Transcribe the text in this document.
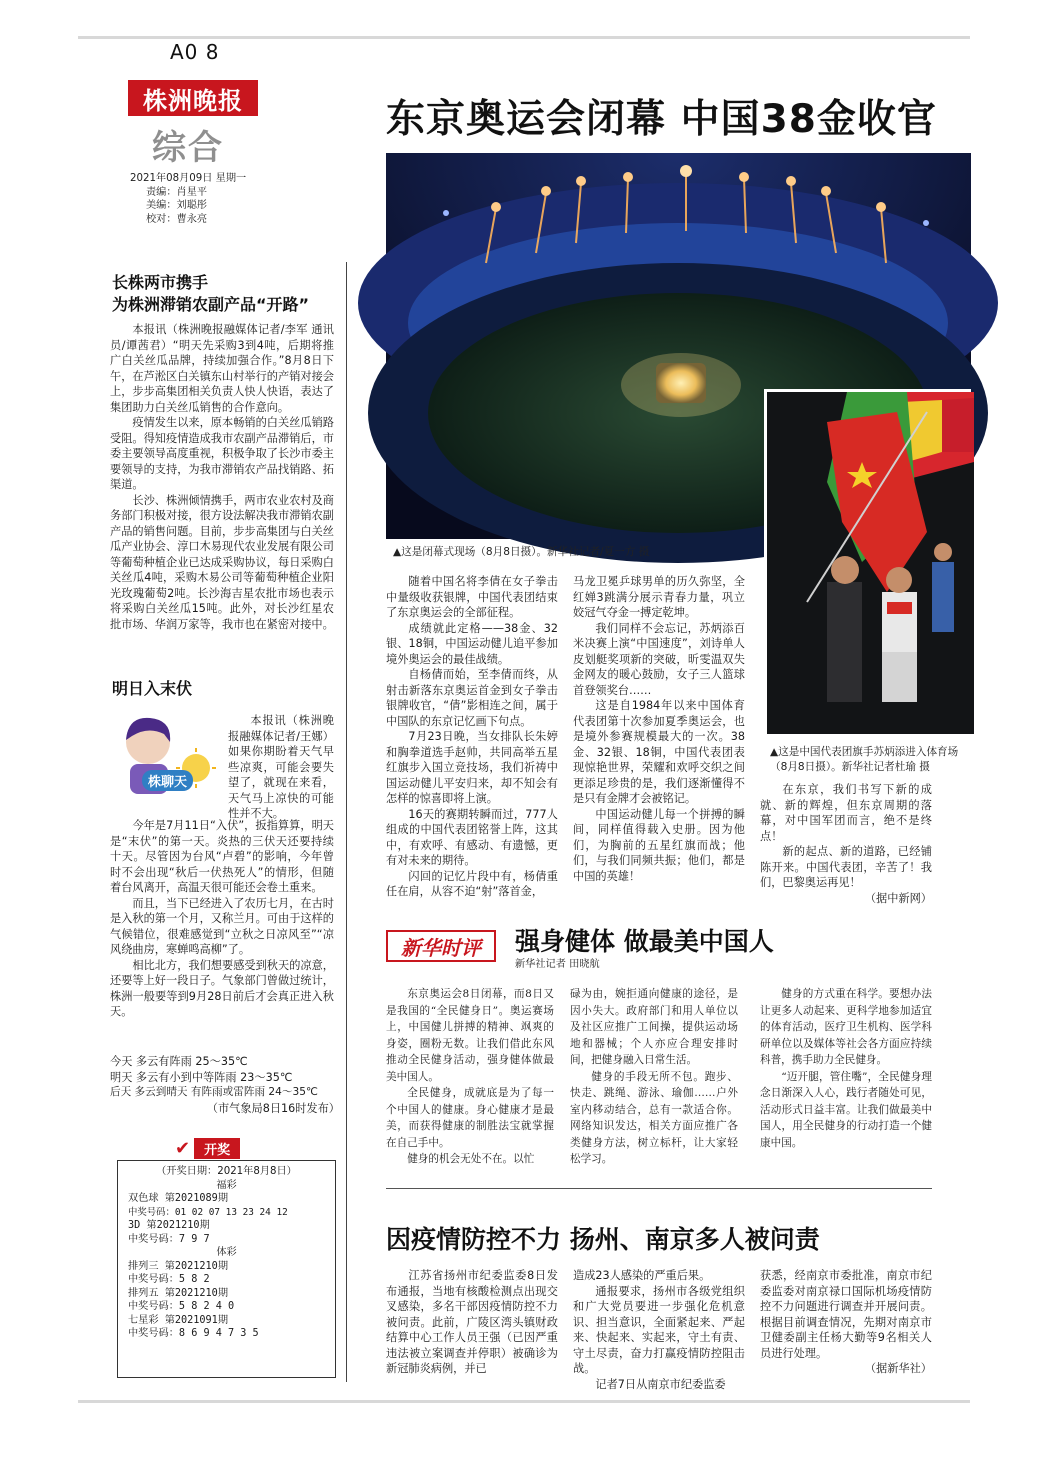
A0 8
株洲晚报
综合
2021年08月09日 星期一
责编：肖星平
美编：刘聪彤
校对：曹永亮
东京奥运会闭幕 中国38金收官
▲这是闭幕式现场（8月8日摄）。新华社记者/夏一方 摄
▲这是中国代表团旗手苏炳添进入体育场（8月8日摄）。新华社记者杜瑜 摄

随着中国名将李倩在女子拳击中量级收获银牌，中国代表团结束了东京奥运会的全部征程。

成绩就此定格——38金、32银、18铜，中国运动健儿追平参加境外奥运会的最佳战绩。

自杨倩而始，至李倩而终，从射击新落东京奥运首金到女子拳击银牌收官，“倩”影相连之间，属于中国队的东京记忆画下句点。

7月23日晚，当女排队长朱婷和胸拳道选手赵帅，共同高举五星红旗步入国立竞技场，我们祈祷中国运动健儿平安归来，却不知会有怎样的惊喜即将上演。

16天的赛期转瞬而过，777人组成的中国代表团铭誉上阵，这其中，有欢呼、有感动、有遗憾，更有对未来的期待。

闪回的记忆片段中有，杨倩重任在肩，从容不迫“射”落首金，

马龙卫冕乒球男单的历久弥坚，全红婵3跳满分展示青春力量，巩立姣冠气夺金一搏定乾坤。

我们同样不会忘记，苏炳添百米决赛上演“中国速度”，刘诗单人皮划艇奖项新的突破，昕雯温双失金网友的暖心鼓励，女子三人篮球首登领奖台……

这是自1984年以来中国体育代表团第十次参加夏季奥运会，也是境外参赛规模最大的一次。38金、32银、18铜，中国代表团表现惊艳世界，荣耀和欢呼交织之间更添足珍贵的是，我们逐渐懂得不是只有金牌才会被铭记。

中国运动健儿每一个拼搏的瞬间，同样值得载入史册。因为他们，为胸前的五星红旗而战；他们，与我们同频共振；他们，都是中国的英雄！

在东京，我们书写下新的成就、新的辉煌，但东京周期的落幕，对中国军团而言，绝不是终点！

新的起点、新的道路，已经铺陈开来。中国代表团，辛苦了！我们，巴黎奥运再见！

（据中新网）
新华时评 强身健体 做最美中国人
新华社记者 田晓航

东京奥运会8日闭幕，而8日又是我国的“全民健身日”。奥运赛场上，中国健儿拼搏的精神、飒爽的身姿，圈粉无数。让我们借此东风推动全民健身活动，强身健体做最美中国人。

全民健身，成就底是为了每一个中国人的健康。身心健康才是最美，而获得健康的制胜法宝就掌握在自己手中。

健身的机会无处不在。以忙

碌为由，婉拒通向健康的途径，是因小失大。政府部门和用人单位以及社区应推广工间操，提供运动场地和器械；个人亦应合理安排时间，把健身融入日常生活。

健身的手段无所不包。跑步、快走、跳绳、游泳、瑜伽……户外室内移动结合，总有一款适合你。网络知识发达，相关方面应推广各类健身方法，树立标杆，让大家轻松学习。

健身的方式重在科学。要想办法让更多人动起来、更科学地参加适宜的体育活动，医疗卫生机构、医学科研单位以及媒体等社会各方面应持续科普，携手助力全民健身。

“迈开腿，管住嘴”，全民健身理念日渐深入人心，践行者随处可见，活动形式日益丰富。让我们做最美中国人，用全民健身的行动打造一个健康中国。

因疫情防控不力 扬州、南京多人被问责

江苏省扬州市纪委监委8日发布通报，当地有核酸检测点出现交叉感染，多名干部因疫情防控不力被问责。此前，广陵区湾头镇财政结算中心工作人员王强（已因严重违法被立案调查并停职）被确诊为新冠肺炎病例，并已

造成23人感染的严重后果。

通报要求，扬州市各级党组织和广大党员要进一步强化危机意识、担当意识，全面紧起来、严起来、快起来、实起来，守土有责、守土尽责，奋力打赢疫情防控阻击战。

记者7日从南京市纪委监委

获悉，经南京市委批准，南京市纪委监委对南京禄口国际机场疫情防控不力问题进行调查并开展问责。根据目前调查情况，先期对南京市卫健委副主任杨大勤等9名相关人员进行处理。

（据新华社）
长株两市携手
为株洲滞销农副产品“开路”

本报讯（株洲晚报融媒体记者/李军 通讯员/谭茜君）“明天先采购3到4吨，后期将推广白关丝瓜品牌，持续加强合作。”8月8日下午，在芦淞区白关镇东山村举行的产销对接会上，步步高集团相关负责人快人快语，表达了集团助力白关丝瓜销售的合作意向。

疫情发生以来，原本畅销的白关丝瓜销路受阻。得知疫情造成我市农副产品滞销后，市委主要领导高度重视，积极争取了长沙市委主要领导的支持，为我市滞销农产品找销路、拓渠道。

长沙、株洲倾情携手，两市农业农村及商务部门积极对接，很方设法解决我市滞销农副产品的销售问题。目前，步步高集团与白关丝瓜产业协会、淳口木易现代农业发展有限公司等葡萄种植企业已达成采购协议，每日采购白关丝瓜4吨，采购木易公司等葡萄种植企业阳光玫瑰葡萄2吨。长沙海吉星农批市场也表示将采购白关丝瓜15吨。此外，对长沙红星农批市场、华润万家等，我市也在紧密对接中。

明日入末伏
株聊天

本报讯（株洲晚报融媒体记者/王娜）如果你期盼着天气早些凉爽，可能会要失望了，就现在来看，天气马上凉快的可能性并不大。

今年是7月11日“入伏”，扳指算算，明天是“末伏”的第一天。炎热的三伏天还要持续十天。尽管因为台风“卢碧”的影响，今年曾时不会出现“秋后一伏热死人”的情形，但随着台风离开，高温天很可能还会卷土重来。

而且，当下已经进入了农历七月，在古时是入秋的第一个月，又称兰月。可由于这样的气候错位，很难感觉到“立秋之日凉风至”“凉风绕曲房，寒蝉鸣高柳”了。

相比北方，我们想要感受到秋天的凉意，还要等上好一段日子。气象部门曾做过统计，株洲一般要等到9月28日前后才会真正进入秋天。

今天 多云有阵雨 25～35℃
明天 多云有小到中等阵雨 23～35℃
后天 多云到晴天 有阵雨或雷阵雨 24～35℃
（市气象局8日16时发布）
✔	开奖
（开奖日期：2021年8月8日）
福彩
双色球 第2021089期
中奖号码：01 02 07 13 23 24 12
3D 第2021210期
中奖号码：7 9 7
体彩
排列三 第2021210期
中奖号码：5 8 2
排列五 第2021210期
中奖号码：5 8 2 4 0
七星彩 第2021091期
中奖号码：8 6 9 4 7 3 5
